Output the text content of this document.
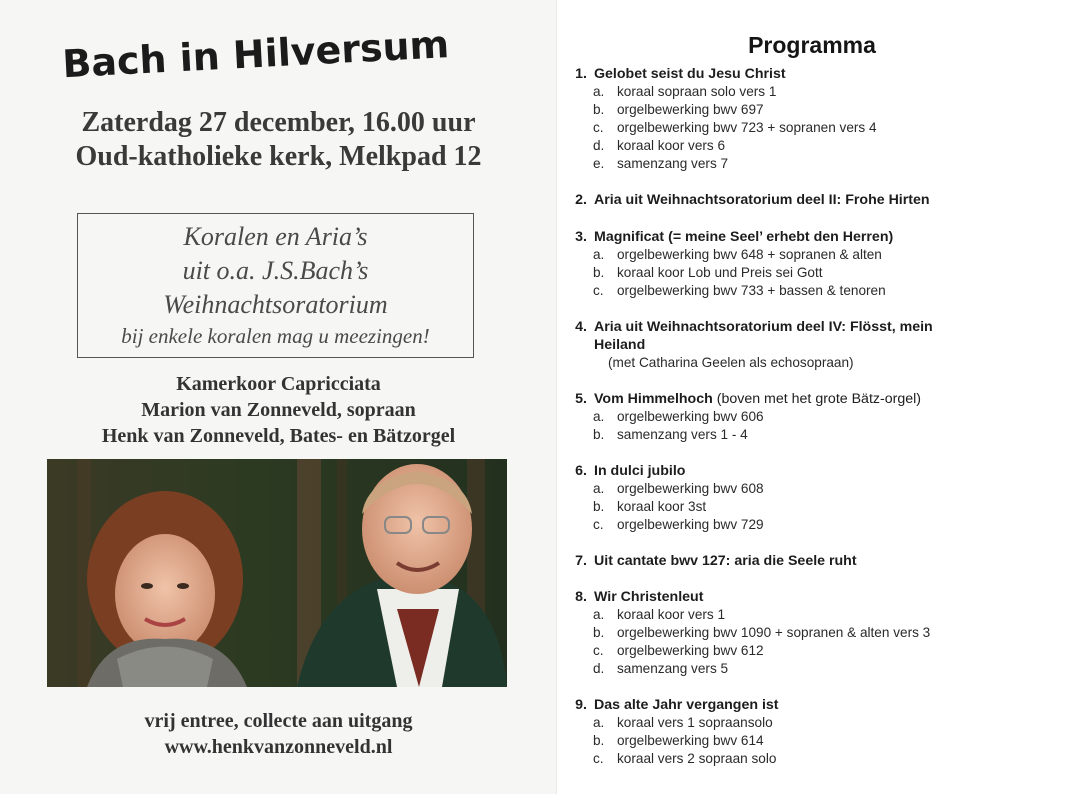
Bach in Hilversum
Zaterdag 27 december, 16.00 uur
Oud-katholieke kerk, Melkpad 12
Koralen en Aria’s
uit o.a. J.S.Bach’s
Weihnachtsoratorium
bij enkele koralen mag u meezingen!
Kamerkoor Capricciata
Marion van Zonneveld, sopraan
Henk van Zonneveld, Bates- en Bätzorgel
vrij entree, collecte aan uitgang
www.henkvanzonneveld.nl
Programma
1. Gelobet seist du Jesu Christ
a. koraal sopraan solo vers 1
b. orgelbewerking bwv 697
c. orgelbewerking bwv 723 + sopranen vers 4
d. koraal koor vers 6
e. samenzang vers 7
2. Aria uit Weihnachtsoratorium deel II: Frohe Hirten
3. Magnificat (= meine Seel’ erhebt den Herren)
a. orgelbewerking bwv 648 + sopranen & alten
b. koraal koor Lob und Preis sei Gott
c. orgelbewerking bwv 733 + bassen & tenoren
4. Aria uit Weihnachtsoratorium deel IV: Flösst, mein
Heiland
(met Catharina Geelen als echosopraan)
5. Vom Himmelhoch (boven met het grote Bätz-orgel)
a. orgelbewerking bwv 606
b. samenzang vers 1 - 4
6. In dulci jubilo
a. orgelbewerking bwv 608
b. koraal koor 3st
c. orgelbewerking bwv 729
7. Uit cantate bwv 127: aria die Seele ruht
8. Wir Christenleut
a. koraal koor vers 1
b. orgelbewerking bwv 1090 + sopranen & alten vers 3
c. orgelbewerking bwv 612
d. samenzang vers 5
9. Das alte Jahr vergangen ist
a. koraal vers 1 sopraansolo
b. orgelbewerking bwv 614
c. koraal vers 2 sopraan solo
